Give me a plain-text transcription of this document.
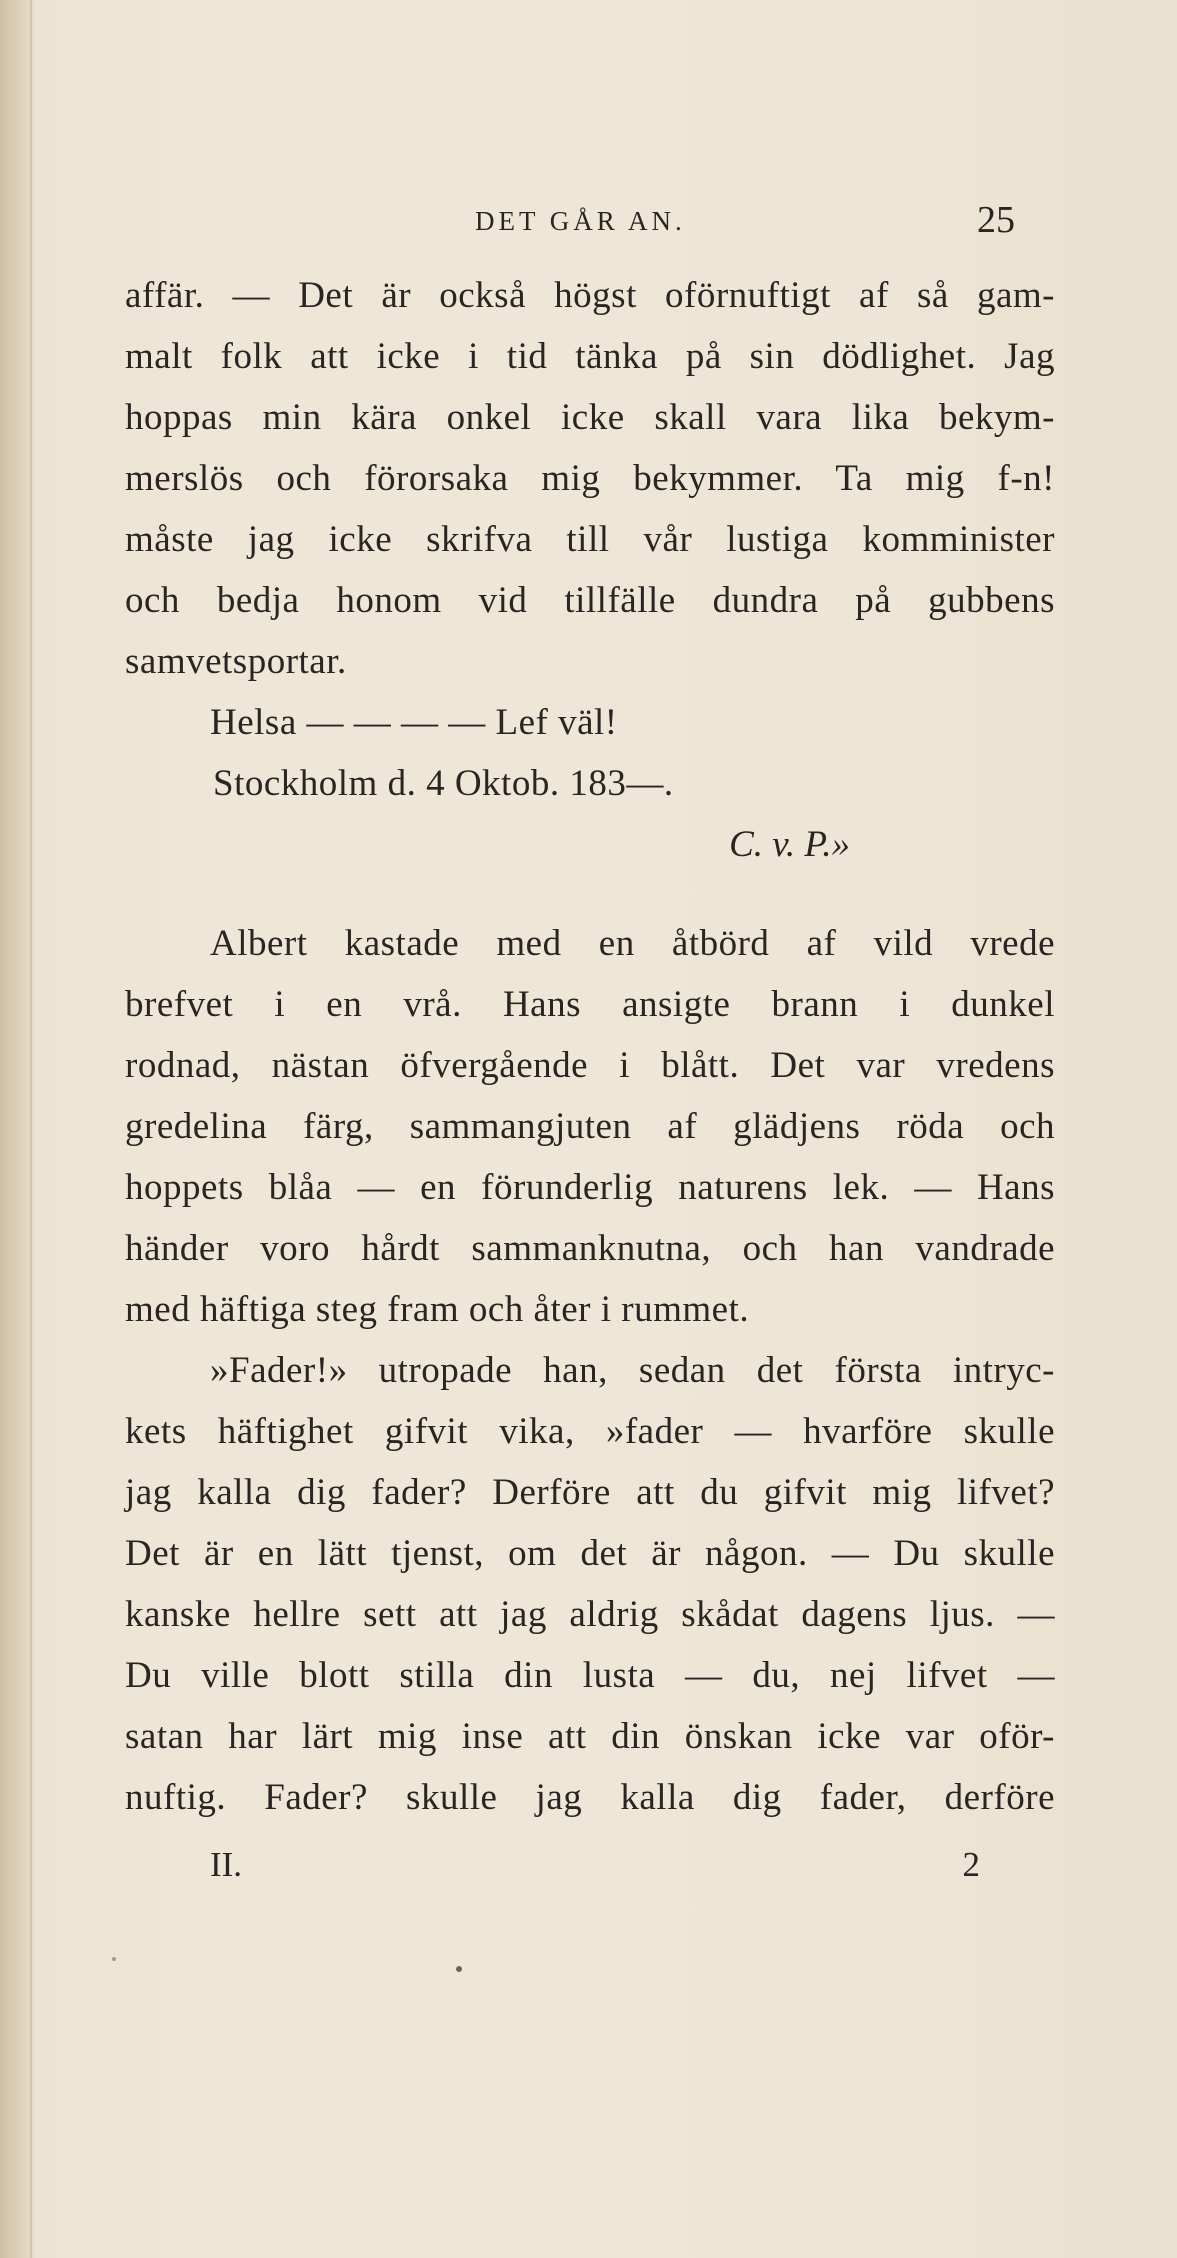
DET GÅR AN.	25
affär. — Det är också högst oförnuftigt af så gam-
malt folk att icke i tid tänka på sin dödlighet. Jag
hoppas min kära onkel icke skall vara lika bekym-
merslös och förorsaka mig bekymmer. Ta mig f-n!
måste jag icke skrifva till vår lustiga komminister
och bedja honom vid tillfälle dundra på gubbens
samvetsportar.
Helsa — — — — Lef väl!
Stockholm d. 4 Oktob. 183—.
C. v. P.»
Albert kastade med en åtbörd af vild vrede
brefvet i en vrå. Hans ansigte brann i dunkel
rodnad, nästan öfvergående i blått. Det var vredens
gredelina färg, sammangjuten af glädjens röda och
hoppets blåa — en förunderlig naturens lek. — Hans
händer voro hårdt sammanknutna, och han vandrade
med häftiga steg fram och åter i rummet.
»Fader!» utropade han, sedan det första intryc-
kets häftighet gifvit vika, »fader — hvarföre skulle
jag kalla dig fader? Derföre att du gifvit mig lifvet?
Det är en lätt tjenst, om det är någon. — Du skulle
kanske hellre sett att jag aldrig skådat dagens ljus. —
Du ville blott stilla din lusta — du, nej lifvet —
satan har lärt mig inse att din önskan icke var oför-
nuftig. Fader? skulle jag kalla dig fader, derföre
II.	2
